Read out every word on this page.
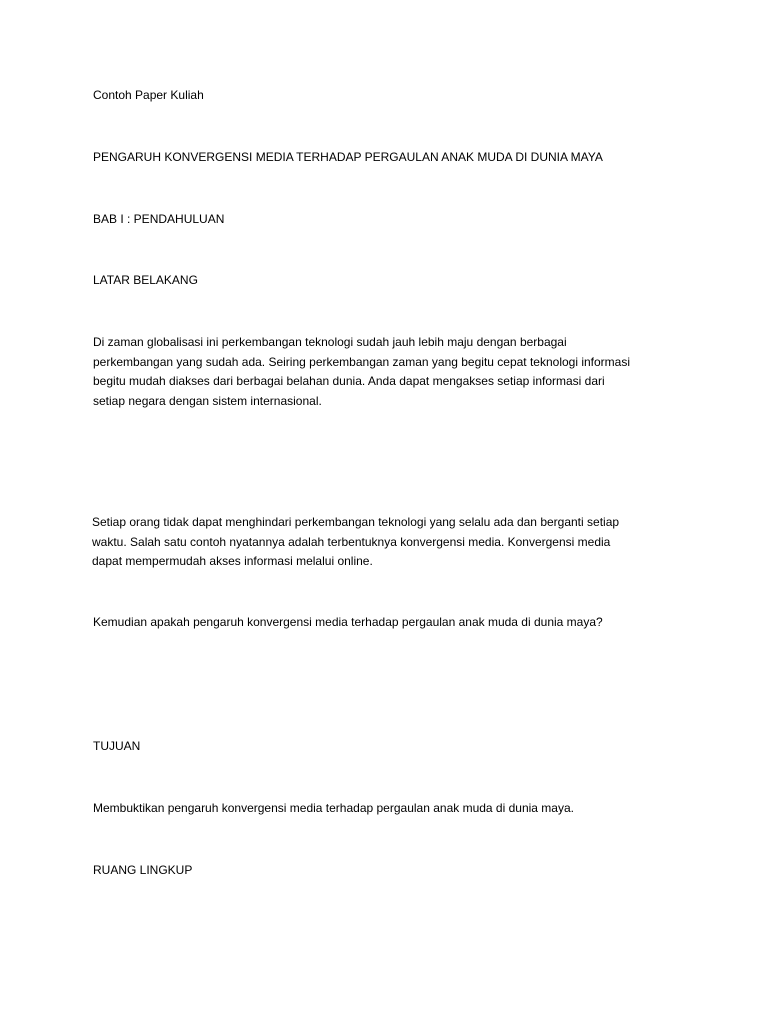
Contoh Paper Kuliah

PENGARUH KONVERGENSI MEDIA TERHADAP PERGAULAN ANAK MUDA DI DUNIA MAYA

BAB I : PENDAHULUAN

LATAR BELAKANG

Di zaman globalisasi ini perkembangan teknologi sudah jauh lebih maju dengan berbagai

perkembangan yang sudah ada. Seiring perkembangan zaman yang begitu cepat teknologi informasi

begitu mudah diakses dari berbagai belahan dunia. Anda dapat mengakses setiap informasi dari

setiap negara dengan sistem internasional.

Setiap orang tidak dapat menghindari perkembangan teknologi yang selalu ada dan berganti setiap

waktu. Salah satu contoh nyatannya adalah terbentuknya konvergensi media. Konvergensi media

dapat mempermudah akses informasi melalui online.

Kemudian apakah pengaruh konvergensi media terhadap pergaulan anak muda di dunia maya?

TUJUAN

Membuktikan pengaruh konvergensi media terhadap pergaulan anak muda di dunia maya.

RUANG LINGKUP
